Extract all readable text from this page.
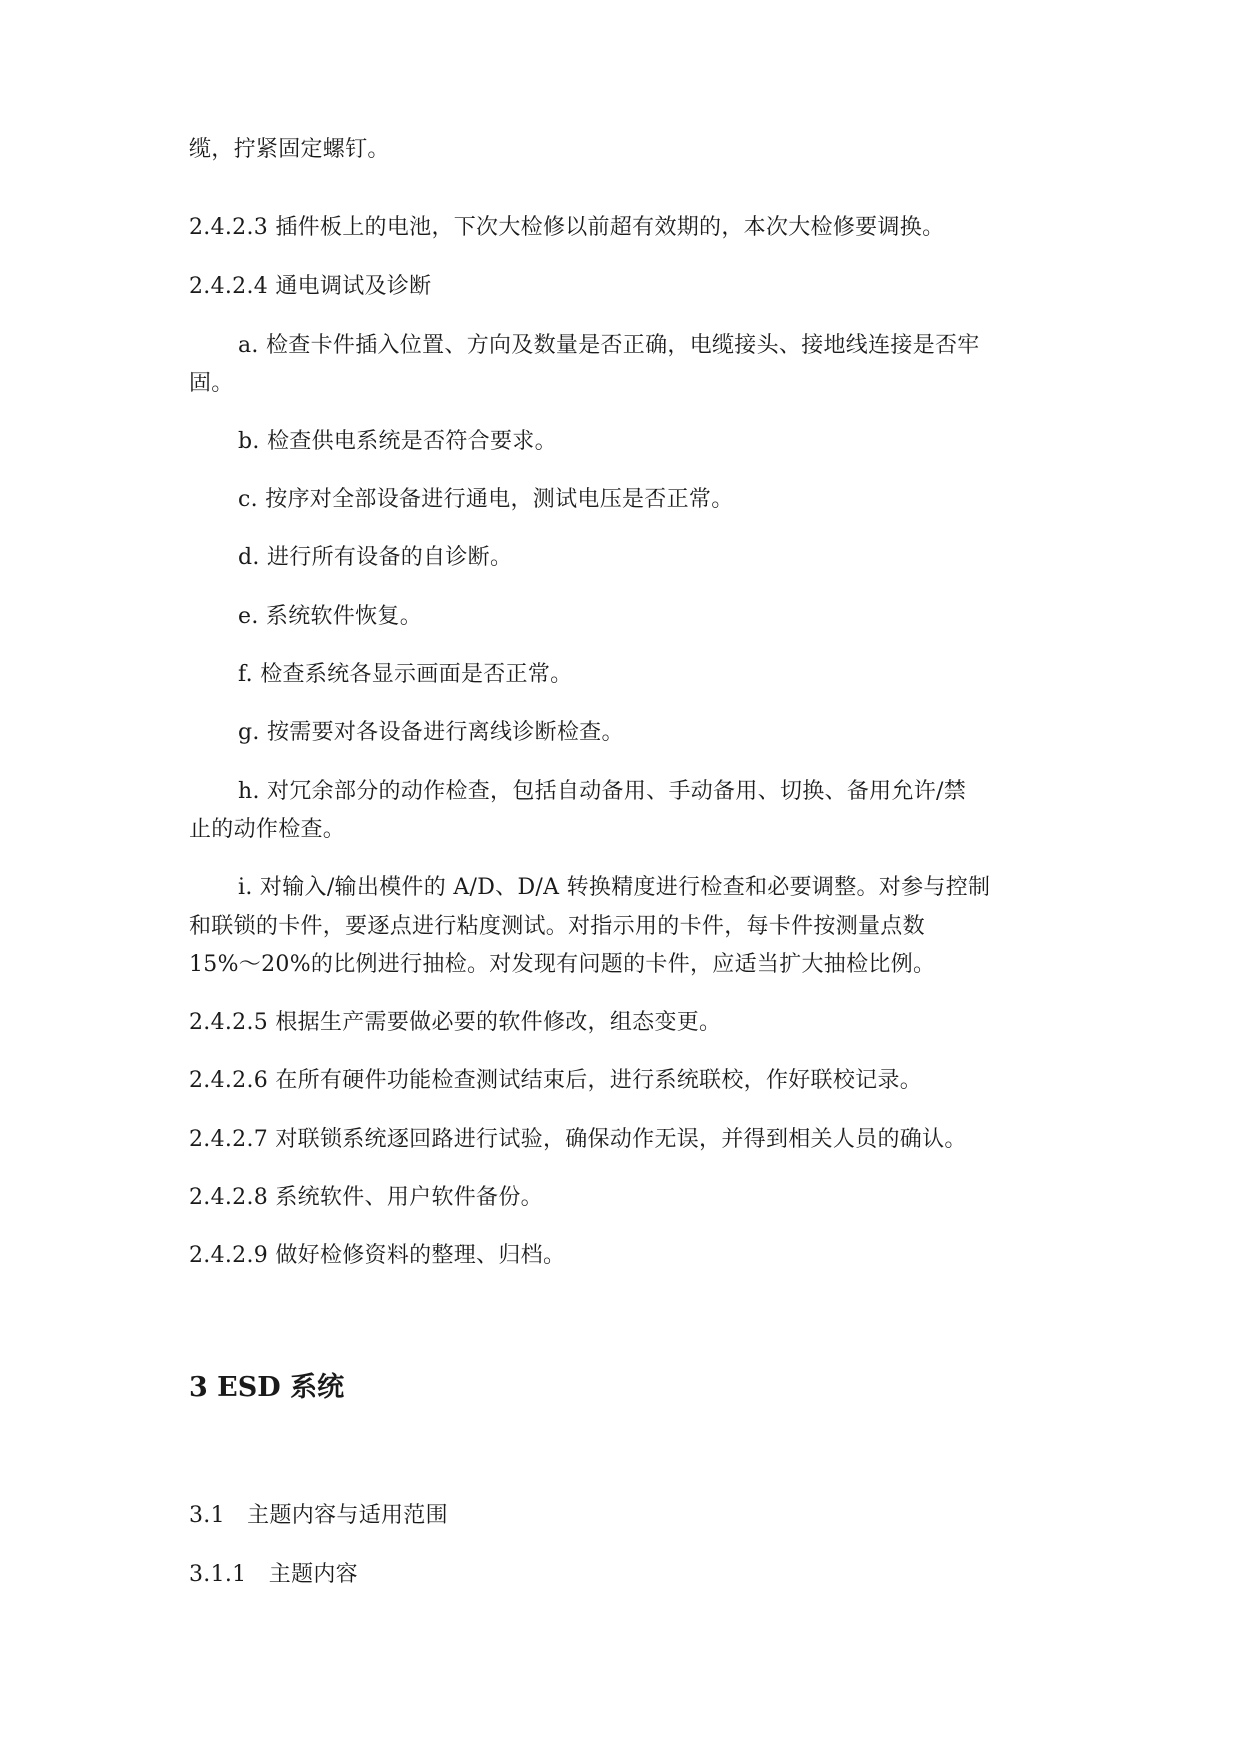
缆，拧紧固定螺钉。
2.4.2.3 插件板上的电池，下次大检修以前超有效期的，本次大检修要调换。
2.4.2.4 通电调试及诊断
a. 检查卡件插入位置、方向及数量是否正确，电缆接头、接地线连接是否牢
固。
b. 检查供电系统是否符合要求。
c. 按序对全部设备进行通电，测试电压是否正常。
d. 进行所有设备的自诊断。
e. 系统软件恢复。
f. 检查系统各显示画面是否正常。
g. 按需要对各设备进行离线诊断检查。
h. 对冗余部分的动作检查，包括自动备用、手动备用、切换、备用允许/禁
止的动作检查。
i. 对输入/输出模件的 A/D、D/A 转换精度进行检查和必要调整。对参与控制
和联锁的卡件，要逐点进行粘度测试。对指示用的卡件，每卡件按测量点数
15%～20%的比例进行抽检。对发现有问题的卡件，应适当扩大抽检比例。
2.4.2.5 根据生产需要做必要的软件修改，组态变更。
2.4.2.6 在所有硬件功能检查测试结束后，进行系统联校，作好联校记录。
2.4.2.7 对联锁系统逐回路进行试验，确保动作无误，并得到相关人员的确认。
2.4.2.8 系统软件、用户软件备份。
2.4.2.9 做好检修资料的整理、归档。
3 ESD 系统
3.1　主题内容与适用范围
3.1.1　主题内容
